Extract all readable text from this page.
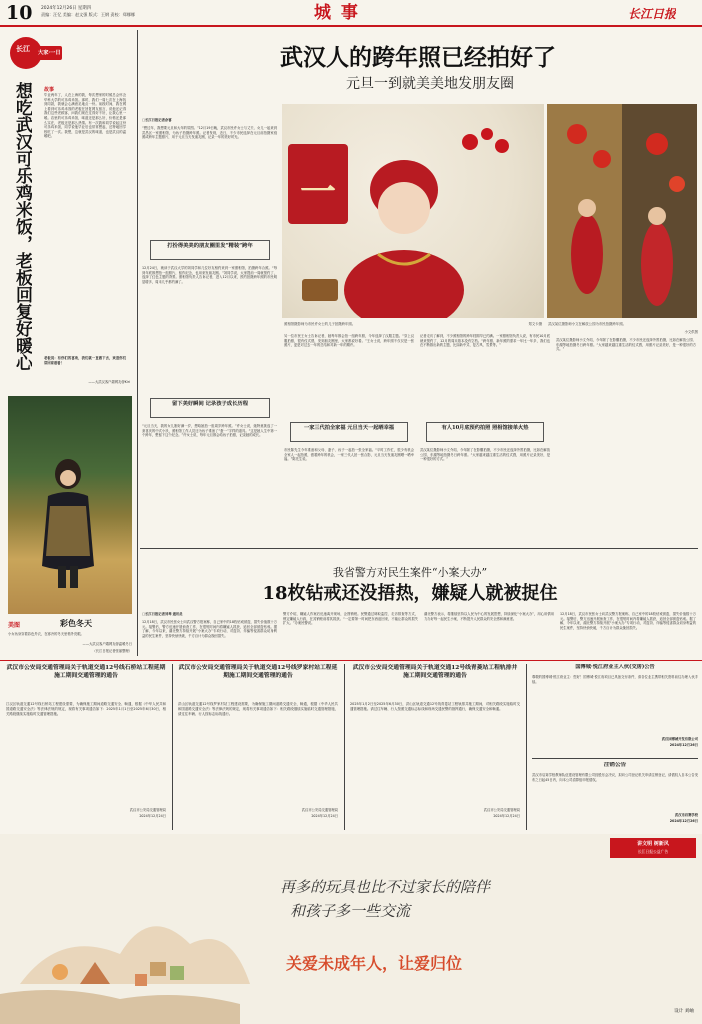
10 2024年12月26日 星期四
责编：汪忆 美编：赵文强 版式：王钢 责校：郑娜娜	城 事	长江日报
长江 大家·一日
想吃武汉可乐鸡米饭，老板回复好暖心 故事
毕业两年了，人在上海的我，每次想家的时候总会怀念华科大学的可乐鸡米饭。那时，我们一周七次在上海找到同款，我就会心满意足地点一份。前段时间，我在网上看到可乐鸡米饭的老板在回复网友留言，说他还记得我们这些老顾客，问我们现在过得好不好，让我心里一暖。店里的可乐鸡米饭，味道还是那么好，价格还是那么实在，老板还是那么热情。有一次我和同学说起这份可乐鸡米饭，同学说他毕业后也常常想起，还特地回学校吃了一次。我想，这就是武汉的味道，也是武汉的温暖吧。
老板说：有你们的喜欢，我们就一直做下去，欢迎你们常回家看看！
——大武汉客户端网友@Kiri
美图	彩色冬天
小女孩身穿着彩色外衣，在寒冷的冬天里格外亮眼。
——大武汉客户端网友@温暖冬日
（长江日报记者张丽整理）
武汉人的跨年照已经拍好了
元旦一到就美美地发朋友圈
□长江日报记者余睿
“想过年，我想要元旦和大年的氛围。”12月19日晚，武汉市民许女士与丈夫、女儿一起来到武昌区一家照相馆，为孩子拍摄跨年照。记者发现，近日，不少市民选择在元旦前拍摄家庭照或跨年主题照片，用于元旦当天发朋友圈，记录一年的美好时光。
打扮得美美的朋友圈里发“精装”跨年
12月24日，就读于武汉大学的刘同学和几位好友相约来到一家照相馆，拍摄跨年合照。“每到年底都想拍一组照片，留作纪念，也用来发朋友圈。”刘同学说，大家提前一周就预约了，选择了红色主题的背景。照相馆负责人告诉记者，进入12月以来，预约拍摄跨年照的市民明显增多，周末几乎都约满了。
留下美好瞬间 记录孩子成长历程
“元旦当天，我的女儿刚好满一岁，想给她拍一组周岁跨年照。”许女士说，她特意挑选了一套喜庆的中式小袄，照相馆工作人员还为孩子准备了“蛋一”字样的道具。“这是她人生中第一个跨年，想留下这个纪念。”许女士说，每年元旦都会给孩子拍照，记录她的成长。
一
照相馆摄影师为市民许女士的儿子拍摄跨年照。	郑文卡摄 武汉某位摄影师小文在解放公园为市民拍摄跨年照。
小文供图
另一位市民王女士告诉记者，她每年都会拍一组跨年照，今年选择了汉服主题。“穿上汉服拍照，很有仪式感，发到朋友圈里，大家都说好看。”王女士说，跨年照不仅仅是一张照片，更是对过去一年的总结和对新一年的期许。
一家三代拍全家福 元旦当天一起晒幸福
市民陈先生今年准备和父母、妻子、孩子一起拍一张全家福。“平时工作忙，很少有机会全家人一起拍照，借着跨年的机会，一家三代人拍一张合影，元旦当天发朋友圈晒一晒幸福。”陈先生说。
记者走访了解到，不少照相馆的跨年档期早已约满。一家照相馆负责人说，有市民10月底就来预约了，12月的周末基本没有空档。“跨年照、新年照的需求一年比一年多，我们也在不断推出新的主题，比如新中式、复古风、雪景等。”
有人10月底预约拍照 照相馆接单火热
武汉某位摄影师小文介绍，今年除了在影棚拍摄，不少市民还选择外景拍摄，比如在解放公园、东湖等地拍摄冬日跨年照。“大家越来越注重生活的仪式感，用照片记录美好，是一种很好的方式。”
武汉某位摄影师小文介绍，今年除了在影棚拍摄，不少市民还选择外景拍摄，比如在解放公园、东湖等地拍摄冬日跨年照。“大家越来越注重生活的仪式感，用照片记录美好，是一种很好的方式。”
我省警方对民生案件“小案大办”
18枚钻戒还没捂热，嫌疑人就被捉住
□长江日报记者刘琴 通讯员
12月18日，武汉市民张女士向武汉警方报案称，自己家中的18枚钻戒被盗，损失价值数十万元。接警后，警方迅速开展侦查工作，在很短时间内将嫌疑人抓获，追回全部被盗钻戒。据了解，今年以来，湖北警方持续开展“小案大办”专项行动，对盗窃、诈骗等侵害群众切身利益的民生案件，坚持快侦快破，千方百计为群众挽回损失。
警方介绍，嫌疑人作案后迅速离开现场，企图销赃。民警通过调取监控、走访排查等方式，锁定嫌疑人行踪，在其销赃前将其抓获。“一定要第一时间把东西追回来，不能让群众的损失扩大。”办案民警说。
湖北警方表示，将继续坚持以人民为中心的发展思想，持续深化“小案大办”，用心用情用力办好每一起民生小案，不断提升人民群众的安全感和满意度。
12月18日，武汉市民张女士向武汉警方报案称，自己家中的18枚钻戒被盗，损失价值数十万元。接警后，警方迅速开展侦查工作，在很短时间内将嫌疑人抓获，追回全部被盗钻戒。据了解，今年以来，湖北警方持续开展“小案大办”专项行动，对盗窃、诈骗等侵害群众切身利益的民生案件，坚持快侦快破，千方百计为群众挽回损失。
武汉市公安局交通管理局关于轨道交通12号线石桥站工程延期施工期间交通管理的通告
江汉区轨道交通12号线石桥站工程建设需要，为确保施工期间道路交通安全、畅通，根据《中华人民共和国道路交通安全法》等法律法规的规定，现将有关事项通告如下：2025年1月1日至2025年6月30日，相关路段继续实施临时交通管理措施。
武汉市公安局交通管理局
2024年12月24日
武汉市公安局交通管理局关于轨道交通12号线罗家村站工程延期施工期间交通管理的通告
洪山区轨道交通12号线罗家村站工程建设需要，为确保施工期间道路交通安全、畅通，根据《中华人民共和国道路交通安全法》等法律法规的规定，现将有关事项通告如下：相关路段继续实施临时交通管理措施，请过往车辆、行人按标志标线通行。
武汉市公安局交通管理局
2024年12月24日
武汉市公安局交通管理局关于轨道交通12号线青菱站工程轨排井施工期间交通管理的通告
2025年1月2日至2025年6月30日，洪山区轨道交通12号线青菱站工程轨排井施工期间，对相关路段实施临时交通管理措施。请过往车辆、行人按照交通标志标线和现场交通民警的指挥通行，确保交通安全和畅通。
武汉市公安局交通管理局
2024年12月24日
国博城·悦江府业主入伙(交房)公告
尊敬的国博城·悦江府业主：您好！国博城·悦江府项目已具备交付条件，请各位业主携带相关资料前往办理入伙手续。
武汉国博城开发有限公司
2024年12月26日
注销公告
武汉市启赛学校教师队伍建设管理有限公司经股东会决议，拟向公司登记机关申请注销登记，请债权人自本公告发布之日起45日内，向本公司清算组申报债权。
武汉市启赛学校
2024年12月26日
讲文明 树新风
长江日报公益广告
再多的玩具也比不过家长的陪伴
和孩子多一些交流
关爱未成年人，让爱归位
设计 刘岫
